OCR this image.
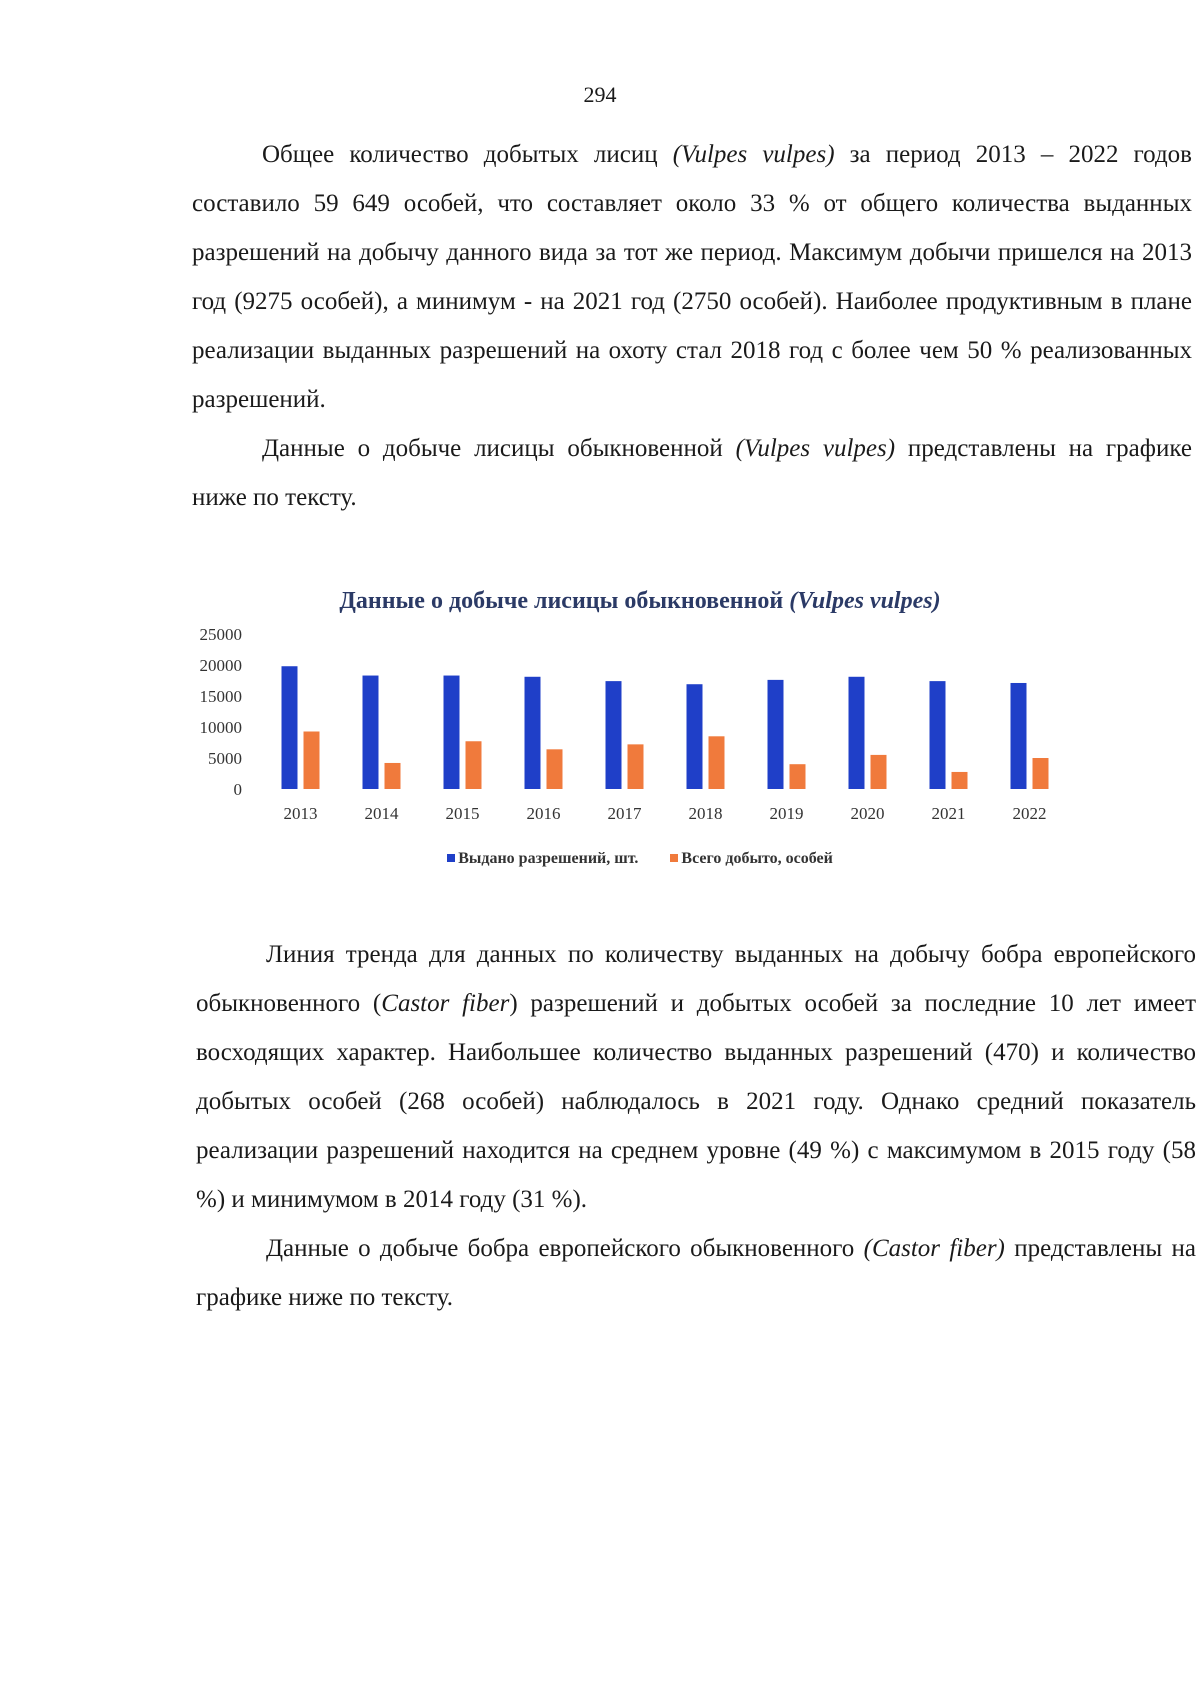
294

Общее количество добытых лисиц (Vulpes vulpes) за период 2013 – 2022 годов составило 59 649 особей, что составляет около 33 % от общего количества выданных разрешений на добычу данного вида за тот же период. Максимум добычи пришелся на 2013 год (9275 особей), а минимум - на 2021 год (2750 особей). Наиболее продуктивным в плане реализации выданных разрешений на охоту стал 2018 год с более чем 50 % реализованных разрешений.

Данные о добыче лисицы обыкновенной (Vulpes vulpes) представлены на графике ниже по тексту.

Данные о добыче лисицы обыкновенной (Vulpes vulpes)
0
5000
10000
15000
20000
25000
2013	2014	2015	2016	2017	2018	2019	2020	2021	2022
Выдано разрешений, шт.	Всего добыто, особей

Линия тренда для данных по количеству выданных на добычу бобра европейского обыкновенного (Castor fiber) разрешений и добытых особей за последние 10 лет имеет восходящих характер. Наибольшее количество выданных разрешений (470) и количество добытых особей (268 особей) наблюдалось в 2021 году. Однако средний показатель реализации разрешений находится на среднем уровне (49 %) с максимумом в 2015 году (58 %) и минимумом в 2014 году (31 %).

Данные о добыче бобра европейского обыкновенного (Castor fiber) представлены на графике ниже по тексту.
